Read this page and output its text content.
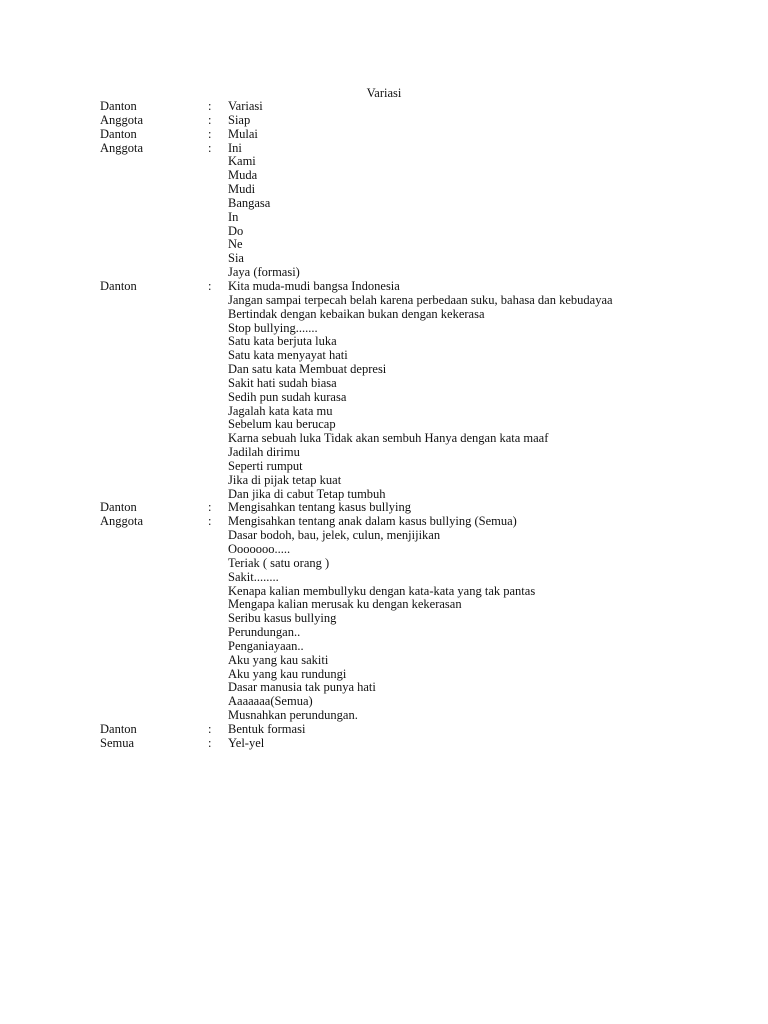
Variasi
Danton	: Variasi
Anggota	: Siap
Danton	: Mulai
Anggota	: Ini
Kami
Muda
Mudi
Bangasa
In
Do
Ne
Sia
Jaya (formasi)
Danton	: Kita muda-mudi bangsa Indonesia
Jangan sampai terpecah belah karena perbedaan suku, bahasa dan kebudayaa
Bertindak dengan kebaikan bukan dengan kekerasa
Stop bullying.......
Satu kata berjuta luka
Satu kata menyayat hati
Dan satu kata Membuat depresi
Sakit hati sudah biasa
Sedih pun sudah kurasa
Jagalah kata kata mu
Sebelum kau berucap
Karna sebuah luka Tidak akan sembuh Hanya dengan kata maaf
Jadilah dirimu
Seperti rumput
Jika di pijak tetap kuat
Dan jika di cabut Tetap tumbuh
Danton	: Mengisahkan tentang kasus bullying
Anggota	: Mengisahkan tentang anak dalam kasus bullying (Semua)
Dasar bodoh, bau, jelek, culun, menjijikan
Ooooooo.....
Teriak ( satu orang )
Sakit........
Kenapa kalian membullyku dengan kata-kata yang tak pantas
Mengapa kalian merusak ku dengan kekerasan
Seribu kasus bullying
Perundungan..
Penganiayaan..
Aku yang kau sakiti
Aku yang kau rundungi
Dasar manusia tak punya hati
Aaaaaaa(Semua)
Musnahkan perundungan.
Danton	: Bentuk formasi
Semua	: Yel-yel
